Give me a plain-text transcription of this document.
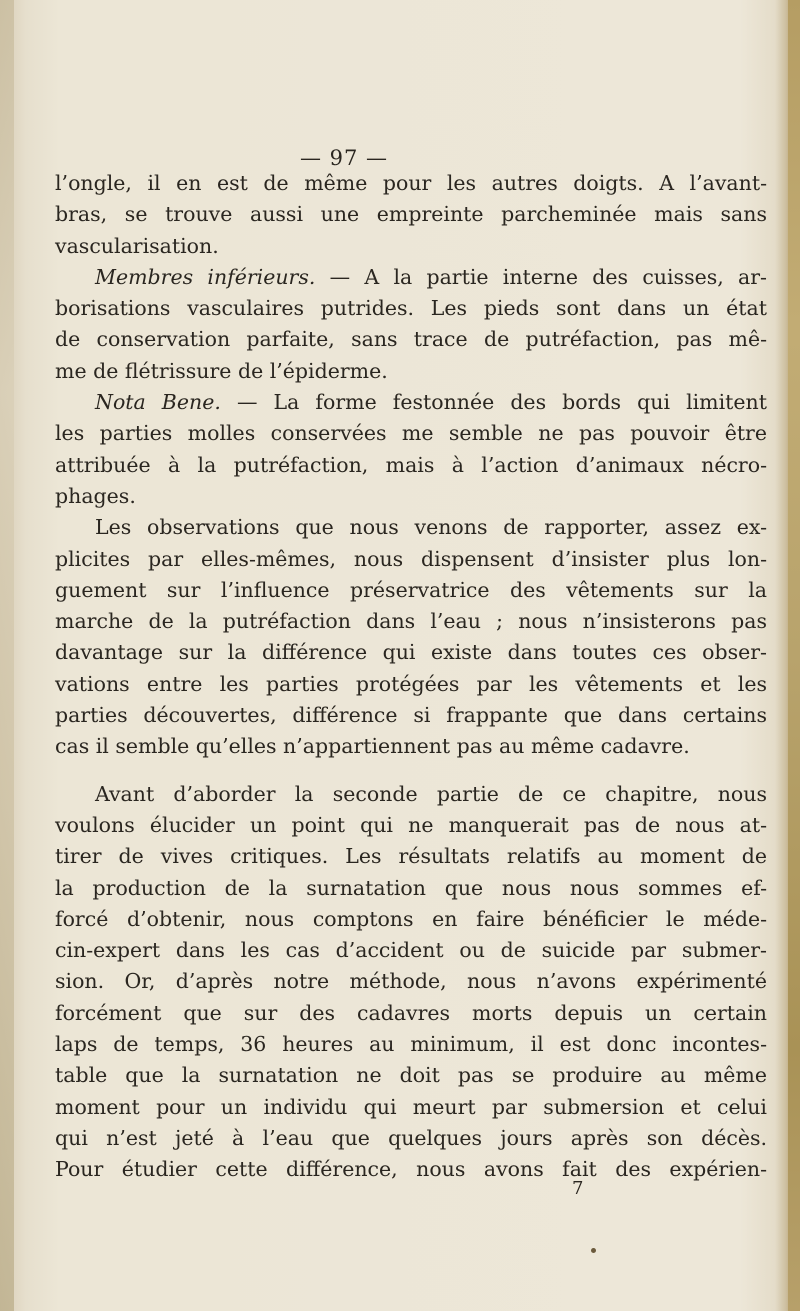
— 97 —
l’ongle, il en est de même pour les autres doigts. A l’avant-
bras, se trouve aussi une empreinte parcheminée mais sans
vascularisation.
Membres inférieurs. — A la partie interne des cuisses, ar-
borisations vasculaires putrides. Les pieds sont dans un état
de conservation parfaite, sans trace de putréfaction, pas mê-
me de flétrissure de l’épiderme.
Nota Bene. — La forme festonnée des bords qui limitent
les parties molles conservées me semble ne pas pouvoir être
attribuée à la putréfaction, mais à l’action d’animaux nécro-
phages.
Les observations que nous venons de rapporter, assez ex-
plicites par elles-mêmes, nous dispensent d’insister plus lon-
guement sur l’influence préservatrice des vêtements sur la
marche de la putréfaction dans l’eau ; nous n’insisterons pas
davantage sur la différence qui existe dans toutes ces obser-
vations entre les parties protégées par les vêtements et les
parties découvertes, différence si frappante que dans certains
cas il semble qu’elles n’appartiennent pas au même cadavre.
Avant d’aborder la seconde partie de ce chapitre, nous
voulons élucider un point qui ne manquerait pas de nous at-
tirer de vives critiques. Les résultats relatifs au moment de
la production de la surnatation que nous nous sommes ef-
forcé d’obtenir, nous comptons en faire bénéficier le méde-
cin-expert dans les cas d’accident ou de suicide par submer-
sion. Or, d’après notre méthode, nous n’avons expérimenté
forcément que sur des cadavres morts depuis un certain
laps de temps, 36 heures au minimum, il est donc incontes-
table que la surnatation ne doit pas se produire au même
moment pour un individu qui meurt par submersion et celui
qui n’est jeté à l’eau que quelques jours après son décès.
Pour étudier cette différence, nous avons fait des expérien-
7
